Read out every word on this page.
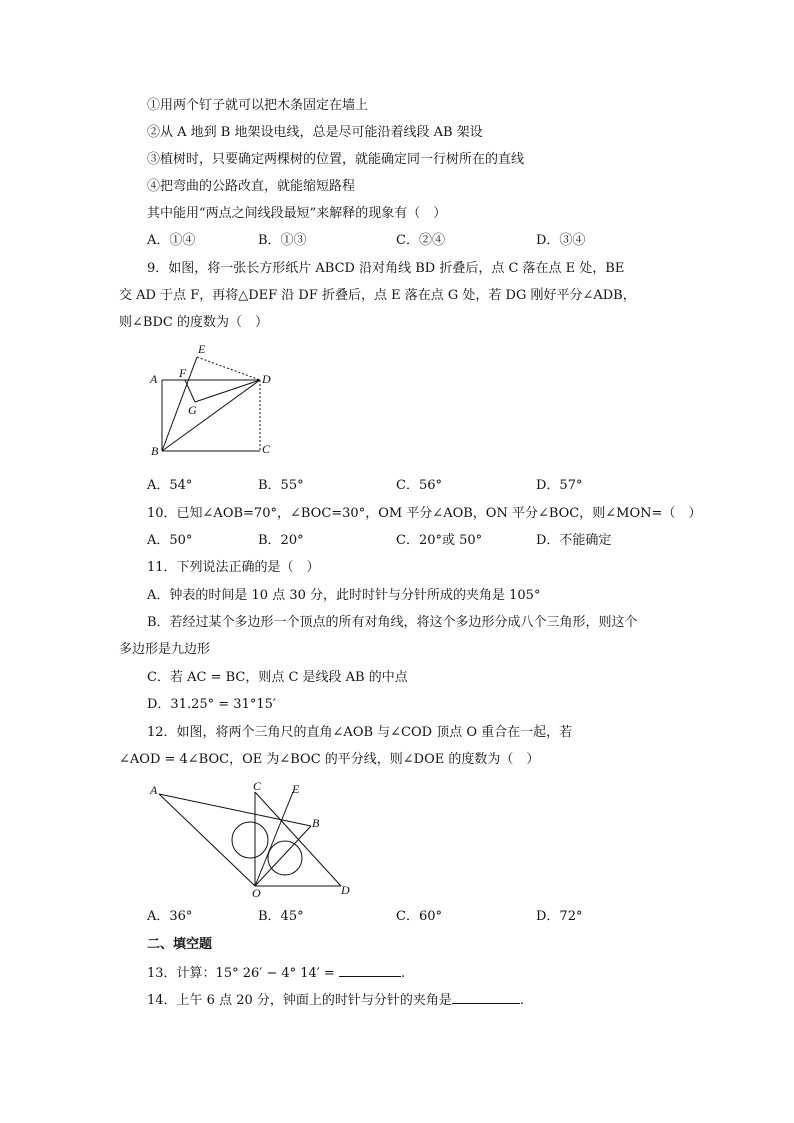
①用两个钉子就可以把木条固定在墙上
②从 A 地到 B 地架设电线，总是尽可能沿着线段 AB 架设
③植树时，只要确定两棵树的位置，就能确定同一行树所在的直线
④把弯曲的公路改直，就能缩短路程
其中能用“两点之间线段最短”来解释的现象有（　）
A．①④	B．①③	C．②④	D．③④
9．如图，将一张长方形纸片 ABCD 沿对角线 BD 折叠后，点 C 落在点 E 处，BE
交 AD 于点 F，再将△DEF 沿 DF 折叠后，点 E 落在点 G 处，若 DG 刚好平分∠ADB，
则∠BDC 的度数为（　）
E
A F	D
G
B	C
A．54°	B．55°	C．56°	D．57°
10．已知∠AOB=70°，∠BOC=30°，OM 平分∠AOB，ON 平分∠BOC，则∠MON=（　）
A．50°	B．20°	C．20°或 50°	D．不能确定
11．下列说法正确的是（　）
A．钟表的时间是 10 点 30 分，此时时针与分针所成的夹角是 105°
B．若经过某个多边形一个顶点的所有对角线，将这个多边形分成八个三角形，则这个
多边形是九边形
C．若 AC = BC，则点 C 是线段 AB 的中点
D．31.25° = 31°15′
12．如图，将两个三角尺的直角∠AOB 与∠COD 顶点 O 重合在一起，若
∠AOD = 4∠BOC，OE 为∠BOC 的平分线，则∠DOE 的度数为（　）
A	C	E
B
O	D
A．36°	B．45°	C．60°	D．72°
二、填空题
13．计算：15° 26′ − 4° 14′ =	.
14．上午 6 点 20 分，钟面上的时针与分针的夹角是	.
